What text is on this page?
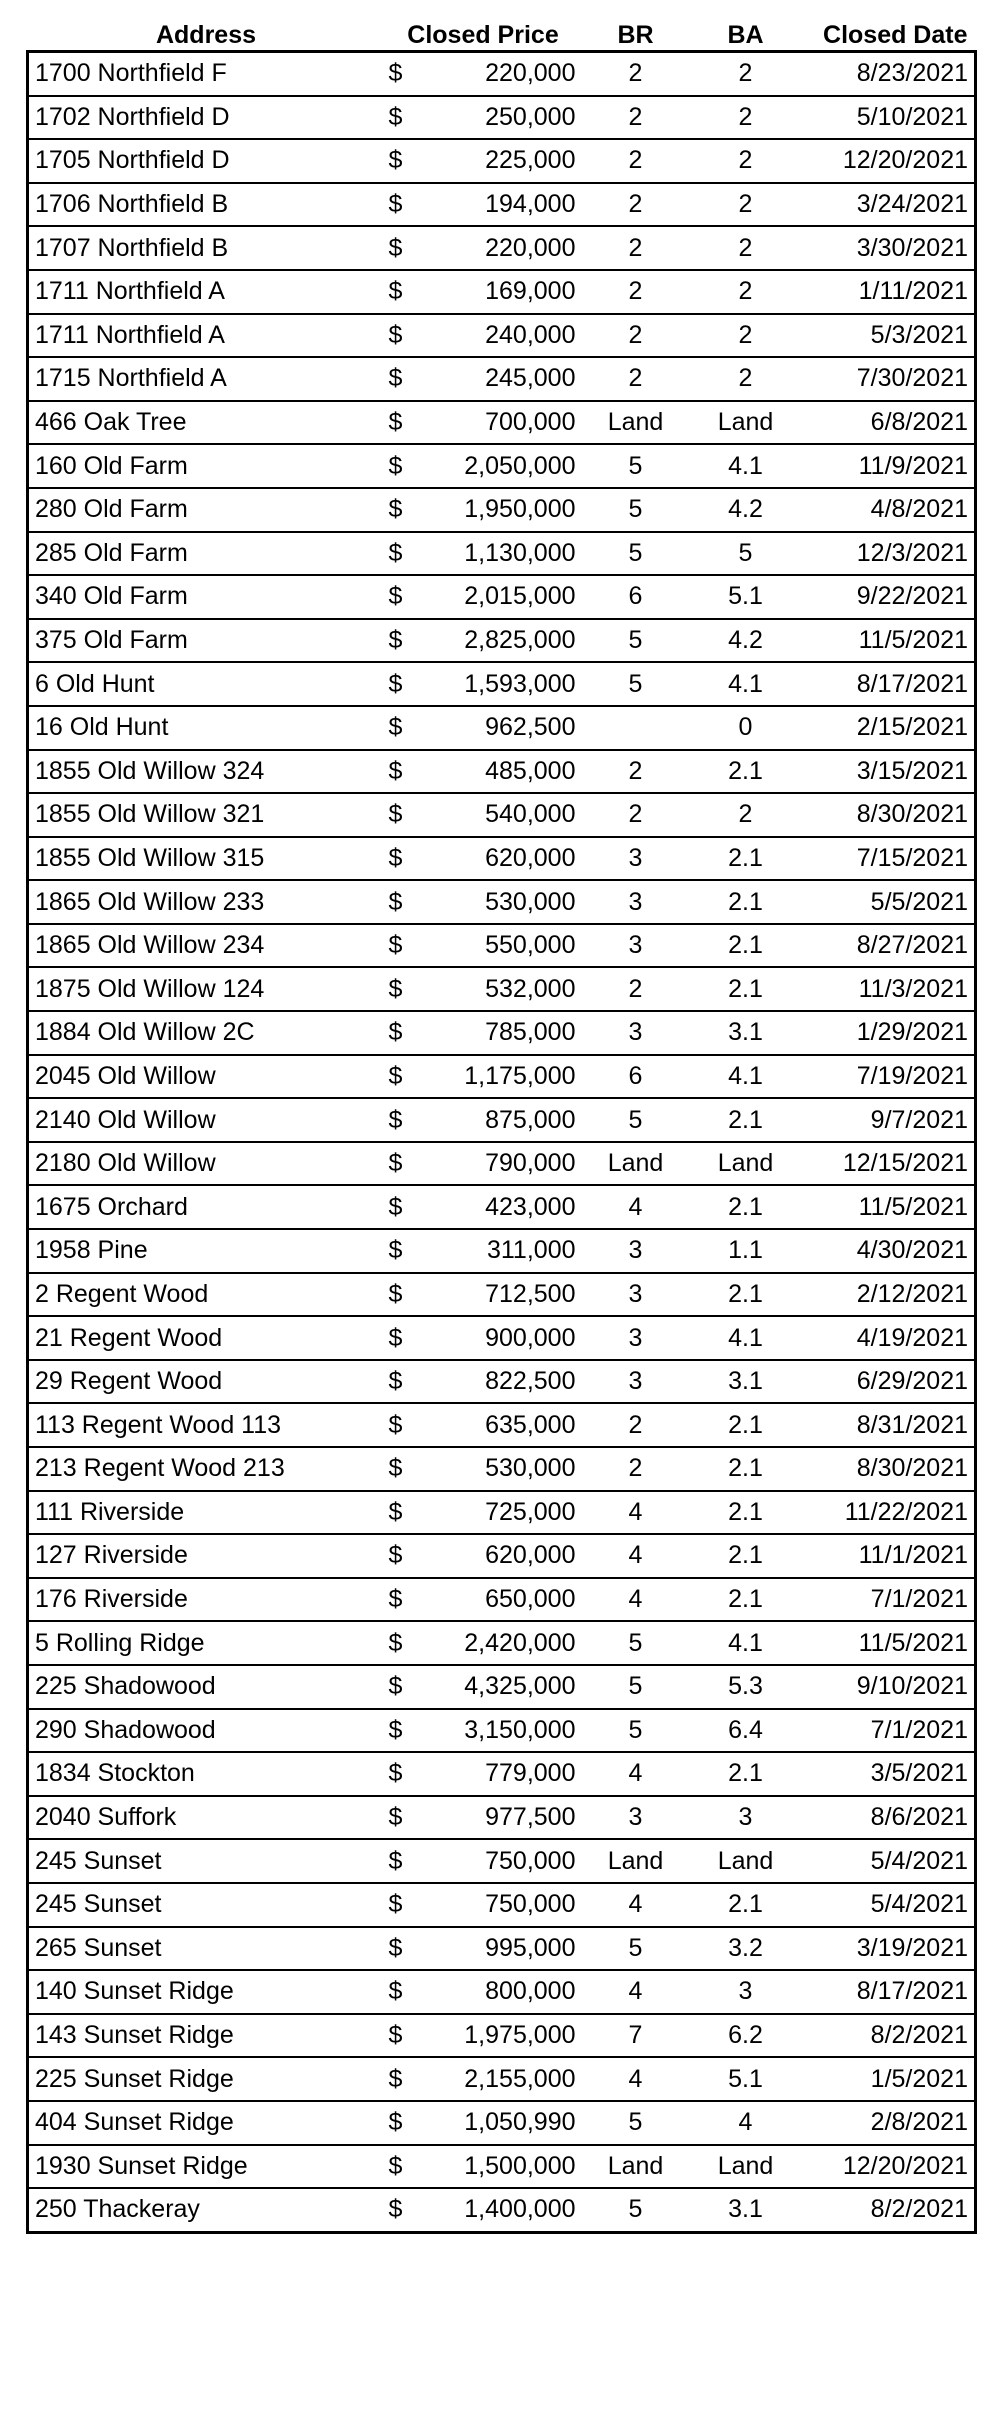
Address	Closed Price	BR	BA	Closed Date
1700 Northfield F	$ 220,000	2	2	8/23/2021
1702 Northfield D	$ 250,000	2	2	5/10/2021
1705 Northfield D	$ 225,000	2	2	12/20/2021
1706 Northfield B	$ 194,000	2	2	3/24/2021
1707 Northfield B	$ 220,000	2	2	3/30/2021
1711 Northfield A	$ 169,000	2	2	1/11/2021
1711 Northfield A	$ 240,000	2	2	5/3/2021
1715 Northfield A	$ 245,000	2	2	7/30/2021
466 Oak Tree	$ 700,000	Land	Land	6/8/2021
160 Old Farm	$ 2,050,000	5	4.1	11/9/2021
280 Old Farm	$ 1,950,000	5	4.2	4/8/2021
285 Old Farm	$ 1,130,000	5	5	12/3/2021
340 Old Farm	$ 2,015,000	6	5.1	9/22/2021
375 Old Farm	$ 2,825,000	5	4.2	11/5/2021
6 Old Hunt	$ 1,593,000	5	4.1	8/17/2021
16 Old Hunt	$ 962,500		0	2/15/2021
1855 Old Willow 324	$ 485,000	2	2.1	3/15/2021
1855 Old Willow 321	$ 540,000	2	2	8/30/2021
1855 Old Willow 315	$ 620,000	3	2.1	7/15/2021
1865 Old Willow 233	$ 530,000	3	2.1	5/5/2021
1865 Old Willow 234	$ 550,000	3	2.1	8/27/2021
1875 Old Willow 124	$ 532,000	2	2.1	11/3/2021
1884 Old Willow 2C	$ 785,000	3	3.1	1/29/2021
2045 Old Willow	$ 1,175,000	6	4.1	7/19/2021
2140 Old Willow	$ 875,000	5	2.1	9/7/2021
2180 Old Willow	$ 790,000	Land	Land	12/15/2021
1675 Orchard	$ 423,000	4	2.1	11/5/2021
1958 Pine	$ 311,000	3	1.1	4/30/2021
2 Regent Wood	$ 712,500	3	2.1	2/12/2021
21 Regent Wood	$ 900,000	3	4.1	4/19/2021
29 Regent Wood	$ 822,500	3	3.1	6/29/2021
113 Regent Wood 113	$ 635,000	2	2.1	8/31/2021
213 Regent Wood 213	$ 530,000	2	2.1	8/30/2021
111 Riverside	$ 725,000	4	2.1	11/22/2021
127 Riverside	$ 620,000	4	2.1	11/1/2021
176 Riverside	$ 650,000	4	2.1	7/1/2021
5 Rolling Ridge	$ 2,420,000	5	4.1	11/5/2021
225 Shadowood	$ 4,325,000	5	5.3	9/10/2021
290 Shadowood	$ 3,150,000	5	6.4	7/1/2021
1834 Stockton	$ 779,000	4	2.1	3/5/2021
2040 Suffork	$ 977,500	3	3	8/6/2021
245 Sunset	$ 750,000	Land	Land	5/4/2021
245 Sunset	$ 750,000	4	2.1	5/4/2021
265 Sunset	$ 995,000	5	3.2	3/19/2021
140 Sunset Ridge	$ 800,000	4	3	8/17/2021
143 Sunset Ridge	$ 1,975,000	7	6.2	8/2/2021
225 Sunset Ridge	$ 2,155,000	4	5.1	1/5/2021
404 Sunset Ridge	$ 1,050,990	5	4	2/8/2021
1930 Sunset Ridge	$ 1,500,000	Land	Land	12/20/2021
250 Thackeray	$ 1,400,000	5	3.1	8/2/2021
